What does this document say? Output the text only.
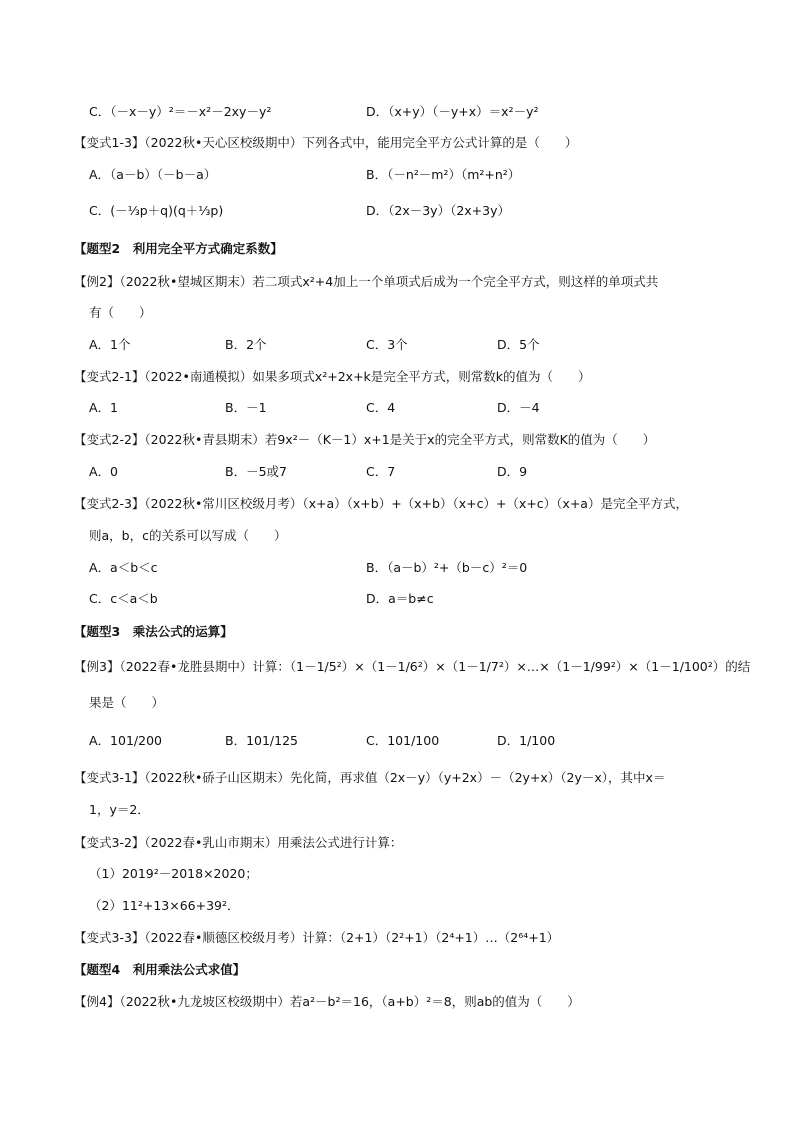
C．（－x－y）²＝－x²－2xy－y²	D．（x+y）（－y+x）＝x²－y²
【变式1-3】（2022秋•天心区校级期中）下列各式中，能用完全平方公式计算的是（　　）
A．（a－b）（－b－a）	B．（－n²－m²）（m²+n²）
C．(－⅓p＋q)(q＋⅓p)	D．（2x－3y）（2x+3y）
【题型2　利用完全平方式确定系数】
【例2】（2022秋•望城区期末）若二项式x²+4加上一个单项式后成为一个完全平方式，则这样的单项式共
有（　　）
A．1个	B．2个	C．3个	D．5个
【变式2-1】（2022•南通模拟）如果多项式x²+2x+k是完全平方式，则常数k的值为（　　）
A．1	B．－1	C．4	D．－4
【变式2-2】（2022秋•青县期末）若9x²－（K－1）x+1是关于x的完全平方式，则常数K的值为（　　）
A．0	B．－5或7	C．7	D．9
【变式2-3】（2022秋•常川区校级月考）（x+a）（x+b）+（x+b）（x+c）+（x+c）（x+a）是完全平方式，
则a，b，c的关系可以写成（　　）
A．a＜b＜c	B．（a－b）²+（b－c）²＝0
C．c＜a＜b	D．a＝b≠c
【题型3　乘法公式的运算】
【例3】（2022春•龙胜县期中）计算：（1－1/5²）×（1－1/6²）×（1－1/7²）×…×（1－1/99²）×（1－1/100²）的结
果是（　　）
A．101/200	B．101/125	C．101/100	D．1/100
【变式3-1】（2022秋•硚子山区期末）先化简，再求值（2x－y）（y+2x）－（2y+x）（2y－x），其中x＝
1，y＝2．
【变式3-2】（2022春•乳山市期末）用乘法公式进行计算：
（1）2019²－2018×2020；
（2）11²+13×66+39²．
【变式3-3】（2022春•顺德区校级月考）计算：（2+1）（2²+1）（2⁴+1）…（2⁶⁴+1）
【题型4　利用乘法公式求值】
【例4】（2022秋•九龙坡区校级期中）若a²－b²＝16，（a+b）²＝8，则ab的值为（　　）
